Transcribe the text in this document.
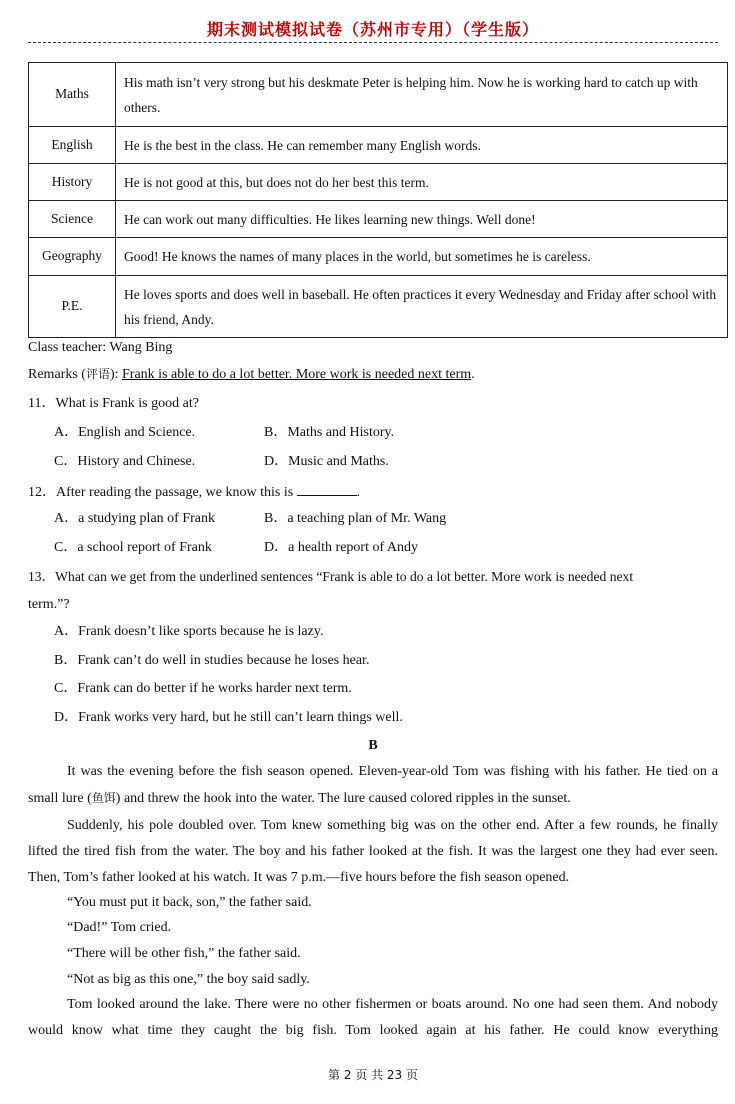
期末测试模拟试卷（苏州市专用）（学生版）
Maths	His math isn’t very strong but his deskmate Peter is helping him. Now he is working hard to catch up with others.
English	He is the best in the class. He can remember many English words.
History	He is not good at this, but does not do her best this term.
Science	He can work out many difficulties. He likes learning new things. Well done!
Geography	Good! He knows the names of many places in the world, but sometimes he is careless.
P.E.	He loves sports and does well in baseball. He often practices it every Wednesday and Friday after school with his friend, Andy.
Class teacher: Wang Bing
Remarks (评语): Frank is able to do a lot better. More work is needed next term.
11．What is Frank is good at?
A．English and Science.	B．Maths and History.
C．History and Chinese.	D．Music and Maths.
12．After reading the passage, we know this is	.
A．a studying plan of Frank	B．a teaching plan of Mr. Wang
C．a school report of Frank	D．a health report of Andy
13．What can we get from the underlined sentences “Frank is able to do a lot better. More work is needed next
term.”?
A．Frank doesn’t like sports because he is lazy.
B．Frank can’t do well in studies because he loses hear.
C．Frank can do better if he works harder next term.
D．Frank works very hard, but he still can’t learn things well.
B
It was the evening before the fish season opened. Eleven-year-old Tom was fishing with his father. He tied on a small lure (鱼饵) and threw the hook into the water. The lure caused colored ripples in the sunset.
Suddenly, his pole doubled over. Tom knew something big was on the other end. After a few rounds, he finally lifted the tired fish from the water. The boy and his father looked at the fish. It was the largest one they had ever seen. Then, Tom’s father looked at his watch. It was 7 p.m.—five hours before the fish season opened.
“You must put it back, son,” the father said.
“Dad!” Tom cried.
“There will be other fish,” the father said.
“Not as big as this one,” the boy said sadly.
Tom looked around the lake. There were no other fishermen or boats around. No one had seen them. And nobody would know what time they caught the big fish. Tom looked again at his father. He could know everything
第 2 页 共 23 页
